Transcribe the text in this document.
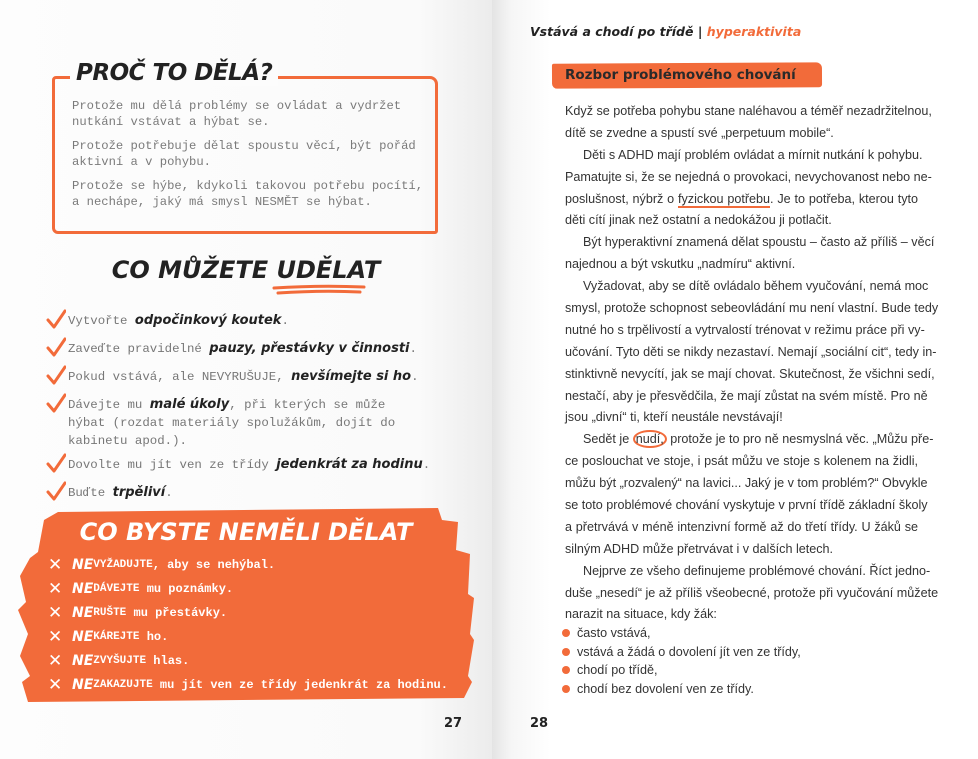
PROČ TO DĚLÁ?

Protože mu dělá problémy se ovládat a vydržet
nutkání vstávat a hýbat se.

Protože potřebuje dělat spoustu věcí, být pořád
aktivní a v pohybu.

Protože se hýbe, kdykoli takovou potřebu pocítí,
a nechápe, jaký má smysl NESMĚT se hýbat.

CO MŮŽETE UDĚLAT
Vytvořte odpočinkový koutek.
Zaveďte pravidelné pauzy, přestávky v činnosti.
Pokud vstává, ale NEVYRUŠUJE, nevšímejte si ho.
Dávejte mu malé úkoly, při kterých se může hýbat (rozdat materiály spolužákům, dojít do kabinetu apod.).
Dovolte mu jít ven ze třídy jedenkrát za hodinu.
Buďte trpěliví.
CO BYSTE NEMĚLI DĚLAT
✕ NE VYŽADUJTE , aby se nehýbal.
✕ NE DÁVEJTE mu poznámky.
✕ NE RUŠTE mu přestávky.
✕ NE KÁREJTE ho.
✕ NE ZVYŠUJTE hlas.
✕ NE ZAKAZUJTE mu jít ven ze třídy jedenkrát za hodinu.
27
Vstává a chodí po třídě | hyperaktivita
Rozbor problémového chování
Když se potřeba pohybu stane naléhavou a téměř nezadržitelnou,
dítě se zvedne a spustí své „perpetuum mobile“.
Děti s ADHD mají problém ovládat a mírnit nutkání k pohybu.
Pamatujte si, že se nejedná o provokaci, nevychovanost nebo ne-
poslušnost, nýbrž o fyzickou potřebu. Je to potřeba, kterou tyto
děti cítí jinak než ostatní a nedokážou ji potlačit.
Být hyperaktivní znamená dělat spoustu – často až příliš – věcí
najednou a být vskutku „nadmíru“ aktivní.
Vyžadovat, aby se dítě ovládalo během vyučování, nemá moc
smysl, protože schopnost sebeovládání mu není vlastní. Bude tedy
nutné ho s trpělivostí a vytrvalostí trénovat v režimu práce při vy-
učování. Tyto děti se nikdy nezastaví. Nemají „sociální cit“, tedy in-
stinktivně nevycítí, jak se mají chovat. Skutečnost, že všichni sedí,
nestačí, aby je přesvědčila, že mají zůstat na svém místě. Pro ně
jsou „divní“ ti, kteří neustále nevstávají!
Sedět je nudí, protože je to pro ně nesmyslná věc. „Můžu pře-
ce poslouchat ve stoje, i psát můžu ve stoje s kolenem na židli,
můžu být „rozvalený“ na lavici... Jaký je v tom problém?“ Obvykle
se toto problémové chování vyskytuje v první třídě základní školy
a přetrvává v méně intenzivní formě až do třetí třídy. U žáků se
silným ADHD může přetrvávat i v dalších letech.
Nejprve ze všeho definujeme problémové chování. Říct jedno-
duše „nesedí“ je až příliš všeobecné, protože při vyučování můžete
narazit na situace, kdy žák:
často vstává,
vstává a žádá o dovolení jít ven ze třídy,
chodí po třídě,
chodí bez dovolení ven ze třídy.
28
